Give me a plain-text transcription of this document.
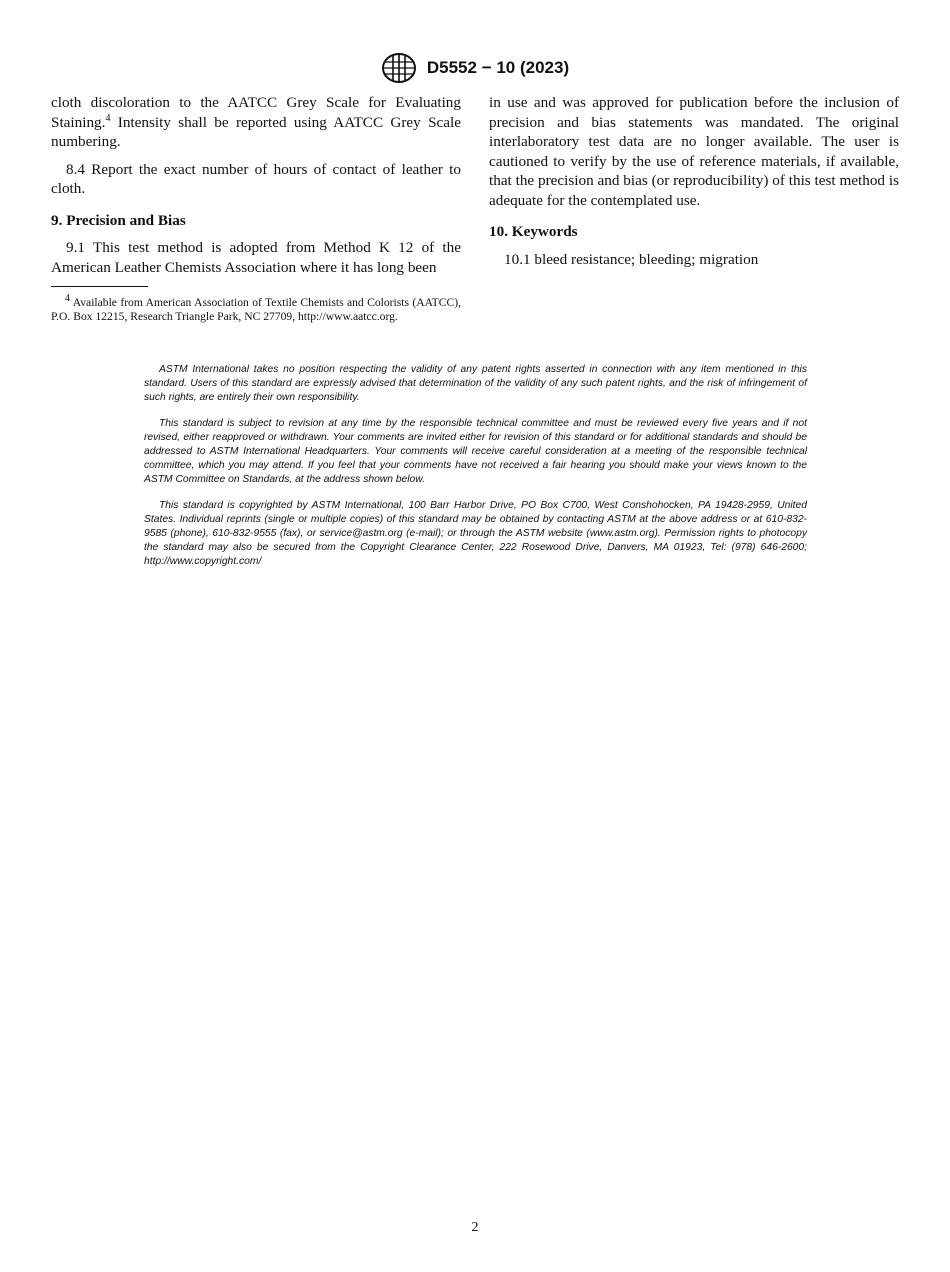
D5552 − 10 (2023)

cloth discoloration to the AATCC Grey Scale for Evaluating Staining.$^4$ Intensity shall be reported using AATCC Grey Scale numbering.

8.4 Report the exact number of hours of contact of leather to cloth.

9. Precision and Bias

9.1 This test method is adopted from Method K 12 of the American Leather Chemists Association where it has long been

in use and was approved for publication before the inclusion of precision and bias statements was mandated. The original interlaboratory test data are no longer available. The user is cautioned to verify by the use of reference materials, if available, that the precision and bias (or reproducibility) of this test method is adequate for the contemplated use.

10. Keywords

10.1 bleed resistance; bleeding; migration

$^4$ Available from American Association of Textile Chemists and Colorists (AATCC), P.O. Box 12215, Research Triangle Park, NC 27709, http://www.aatcc.org.

ASTM International takes no position respecting the validity of any patent rights asserted in connection with any item mentioned in this standard. Users of this standard are expressly advised that determination of the validity of any such patent rights, and the risk of infringement of such rights, are entirely their own responsibility.

This standard is subject to revision at any time by the responsible technical committee and must be reviewed every five years and if not revised, either reapproved or withdrawn. Your comments are invited either for revision of this standard or for additional standards and should be addressed to ASTM International Headquarters. Your comments will receive careful consideration at a meeting of the responsible technical committee, which you may attend. If you feel that your comments have not received a fair hearing you should make your views known to the ASTM Committee on Standards, at the address shown below.

This standard is copyrighted by ASTM International, 100 Barr Harbor Drive, PO Box C700, West Conshohocken, PA 19428-2959, United States. Individual reprints (single or multiple copies) of this standard may be obtained by contacting ASTM at the above address or at 610-832-9585 (phone), 610-832-9555 (fax), or service@astm.org (e-mail); or through the ASTM website (www.astm.org). Permission rights to photocopy the standard may also be secured from the Copyright Clearance Center, 222 Rosewood Drive, Danvers, MA 01923, Tel: (978) 646-2600; http://www.copyright.com/

2
